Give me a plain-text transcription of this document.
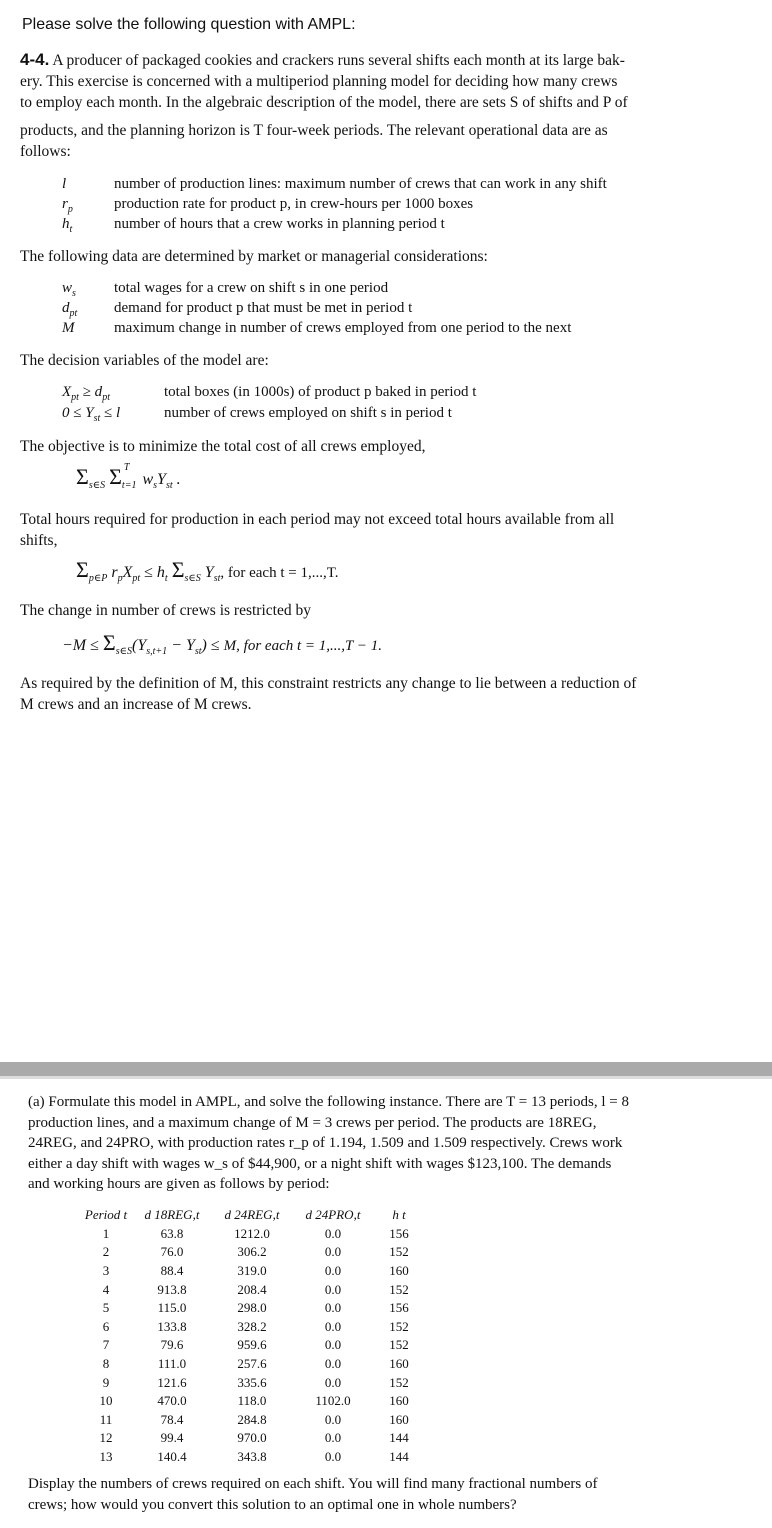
Please solve the following question with AMPL:
4-4. A producer of packaged cookies and crackers runs several shifts each month at its large bak-
ery. This exercise is concerned with a multiperiod planning model for deciding how many crews
to employ each month. In the algebraic description of the model, there are sets S of shifts and P of
products, and the planning horizon is T four-week periods. The relevant operational data are as
follows:
l	number of production lines: maximum number of crews that can work in any shift
$r_p$	production rate for product p, in crew-hours per 1000 boxes
$h_t$	number of hours that a crew works in planning period t
The following data are determined by market or managerial considerations:
$w_s$	total wages for a crew on shift s in one period
$d_{pt}$ demand for product p that must be met in period t
M	maximum change in number of crews employed from one period to the next
The decision variables of the model are:
$X_{pt} \ge d_{pt}$	total boxes (in 1000s) of product p baked in period t
$0 \le Y_{st} \le l$	number of crews employed on shift s in period t
The objective is to minimize the total cost of all crews employed,
$\Sigma_{s\in S}$ Σ $_{T t=1}$ $w_sY_{st}$ .
Total hours required for production in each period may not exceed total hours available from all
shifts,
$\Sigma_{p\in P}$ $r_pX_{pt} \le h_t$ $\Sigma_{s\in S}$ $Y_{st}$, for each t = 1,...,T.
The change in number of crews is restricted by
$-M \le \Sigma_{s\in S}(Y_{s,t+1} - Y_{st}) \le M$, for each t = 1,...,T − 1.
As required by the definition of M, this constraint restricts any change to lie between a reduction of
M crews and an increase of M crews.
(a) Formulate this model in AMPL, and solve the following instance. There are T = 13 periods, l = 8
production lines, and a maximum change of M = 3 crews per period. The products are 18REG,
24REG, and 24PRO, with production rates r_p of 1.194, 1.509 and 1.509 respectively. Crews work
either a day shift with wages w_s of $44,900, or a night shift with wages $123,100. The demands
and working hours are given as follows by period:
Period t	d 18REG,t	d 24REG,t	d 24PRO,t	h t
1	63.8	1212.0	0.0	156
2	76.0	306.2	0.0	152
3	88.4	319.0	0.0	160
4	913.8	208.4	0.0	152
5	115.0	298.0	0.0	156
6	133.8	328.2	0.0	152
7	79.6	959.6	0.0	152
8	111.0	257.6	0.0	160
9	121.6	335.6	0.0	152
10	470.0	118.0	1102.0	160
11	78.4	284.8	0.0	160
12	99.4	970.0	0.0	144
13	140.4	343.8	0.0	144
Display the numbers of crews required on each shift. You will find many fractional numbers of
crews; how would you convert this solution to an optimal one in whole numbers?
